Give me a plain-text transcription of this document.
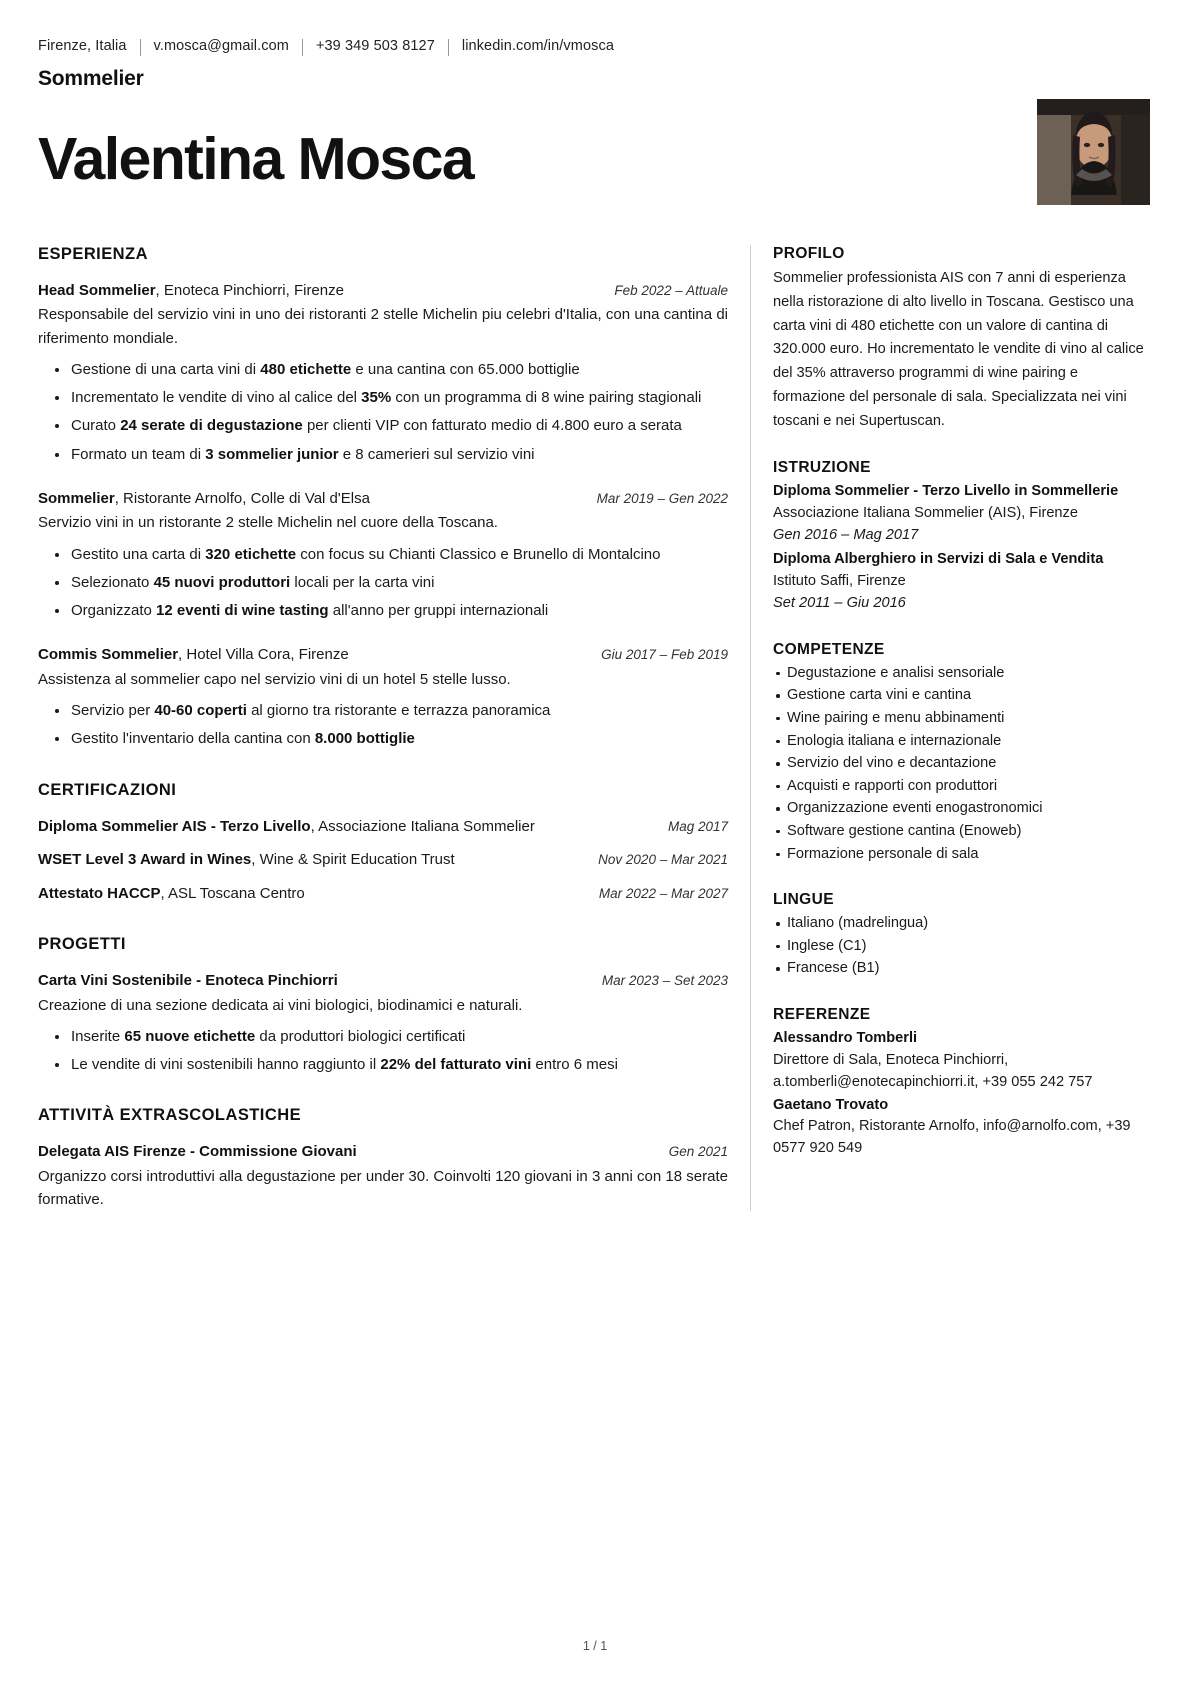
Firenze, Italia v.mosca@gmail.com +39 349 503 8127 linkedin.com/in/vmosca
Sommelier
Valentina Mosca
ESPERIENZA
Head Sommelier, Enoteca Pinchiorri, Firenze	Feb 2022 – Attuale
Responsabile del servizio vini in uno dei ristoranti 2 stelle Michelin piu celebri d'Italia, con una cantina di riferimento mondiale.
Gestione di una carta vini di 480 etichette e una cantina con 65.000 bottiglie
Incrementato le vendite di vino al calice del 35% con un programma di 8 wine pairing stagionali
Curato 24 serate di degustazione per clienti VIP con fatturato medio di 4.800 euro a serata
Formato un team di 3 sommelier junior e 8 camerieri sul servizio vini
Sommelier, Ristorante Arnolfo, Colle di Val d'Elsa	Mar 2019 – Gen 2022
Servizio vini in un ristorante 2 stelle Michelin nel cuore della Toscana.
Gestito una carta di 320 etichette con focus su Chianti Classico e Brunello di Montalcino
Selezionato 45 nuovi produttori locali per la carta vini
Organizzato 12 eventi di wine tasting all'anno per gruppi internazionali
Commis Sommelier, Hotel Villa Cora, Firenze	Giu 2017 – Feb 2019
Assistenza al sommelier capo nel servizio vini di un hotel 5 stelle lusso.
Servizio per 40-60 coperti al giorno tra ristorante e terrazza panoramica
Gestito l'inventario della cantina con 8.000 bottiglie
CERTIFICAZIONI
Diploma Sommelier AIS - Terzo Livello, Associazione Italiana Sommelier	Mag 2017
WSET Level 3 Award in Wines, Wine & Spirit Education Trust	Nov 2020 – Mar 2021
Attestato HACCP, ASL Toscana Centro	Mar 2022 – Mar 2027
PROGETTI
Carta Vini Sostenibile - Enoteca Pinchiorri	Mar 2023 – Set 2023
Creazione di una sezione dedicata ai vini biologici, biodinamici e naturali.
Inserite 65 nuove etichette da produttori biologici certificati
Le vendite di vini sostenibili hanno raggiunto il 22% del fatturato vini entro 6 mesi
ATTIVITÀ EXTRASCOLASTICHE
Delegata AIS Firenze - Commissione Giovani	Gen 2021
Organizzo corsi introduttivi alla degustazione per under 30. Coinvolti 120 giovani in 3 anni con 18 serate formative.
PROFILO
Sommelier professionista AIS con 7 anni di esperienza nella ristorazione di alto livello in Toscana. Gestisco una carta vini di 480 etichette con un valore di cantina di 320.000 euro. Ho incrementato le vendite di vino al calice del 35% attraverso programmi di wine pairing e formazione del personale di sala. Specializzata nei vini toscani e nei Supertuscan.
ISTRUZIONE
Diploma Sommelier - Terzo Livello in Sommellerie
Associazione Italiana Sommelier (AIS), Firenze
Gen 2016 – Mag 2017
Diploma Alberghiero in Servizi di Sala e Vendita
Istituto Saffi, Firenze
Set 2011 – Giu 2016
COMPETENZE
Degustazione e analisi sensoriale
Gestione carta vini e cantina
Wine pairing e menu abbinamenti
Enologia italiana e internazionale
Servizio del vino e decantazione
Acquisti e rapporti con produttori
Organizzazione eventi enogastronomici
Software gestione cantina (Enoweb)
Formazione personale di sala
LINGUE
Italiano (madrelingua)
Inglese (C1)
Francese (B1)
REFERENZE
Alessandro Tomberli
Direttore di Sala, Enoteca Pinchiorri, a.tomberli@enotecapinchiorri.it, +39 055 242 757
Gaetano Trovato
Chef Patron, Ristorante Arnolfo, info@arnolfo.com, +39 0577 920 549
1 / 1
